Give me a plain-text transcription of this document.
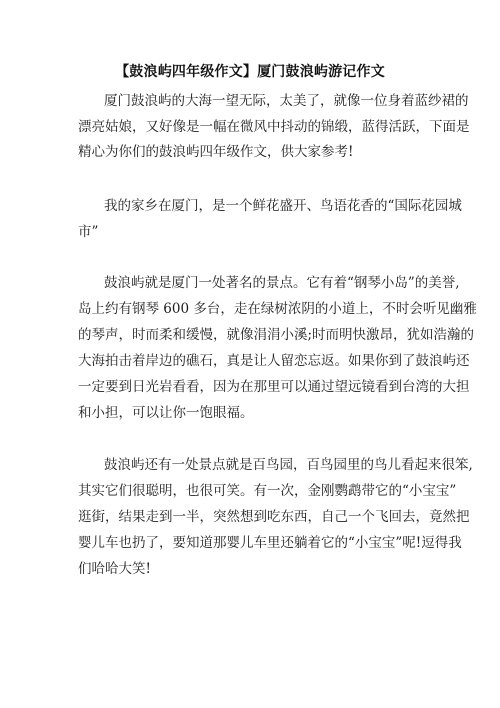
【鼓浪屿四年级作文】厦门鼓浪屿游记作文
厦门鼓浪屿的大海一望无际，太美了，就像一位身着蓝纱裙的
漂亮姑娘，又好像是一幅在微风中抖动的锦缎，蓝得活跃，下面是
精心为你们的鼓浪屿四年级作文，供大家参考!
我的家乡在厦门，是一个鲜花盛开、鸟语花香的“国际花园城
市”
鼓浪屿就是厦门一处著名的景点。它有着“钢琴小岛”的美誉,
岛上约有钢琴 600 多台，走在绿树浓阴的小道上，不时会听见幽雅
的琴声，时而柔和缓慢，就像涓涓小溪;时而明快激昂，犹如浩瀚的
大海拍击着岸边的礁石，真是让人留恋忘返。如果你到了鼓浪屿还
一定要到日光岩看看，因为在那里可以通过望远镜看到台湾的大担
和小担，可以让你一饱眼福。
鼓浪屿还有一处景点就是百鸟园，百鸟园里的鸟儿看起来很笨,
其实它们很聪明，也很可笑。有一次，金刚鹦鹉带它的“小宝宝”
逛街，结果走到一半，突然想到吃东西，自己一个飞回去，竟然把
婴儿车也扔了，要知道那婴儿车里还躺着它的“小宝宝”呢!逗得我
们哈哈大笑!
